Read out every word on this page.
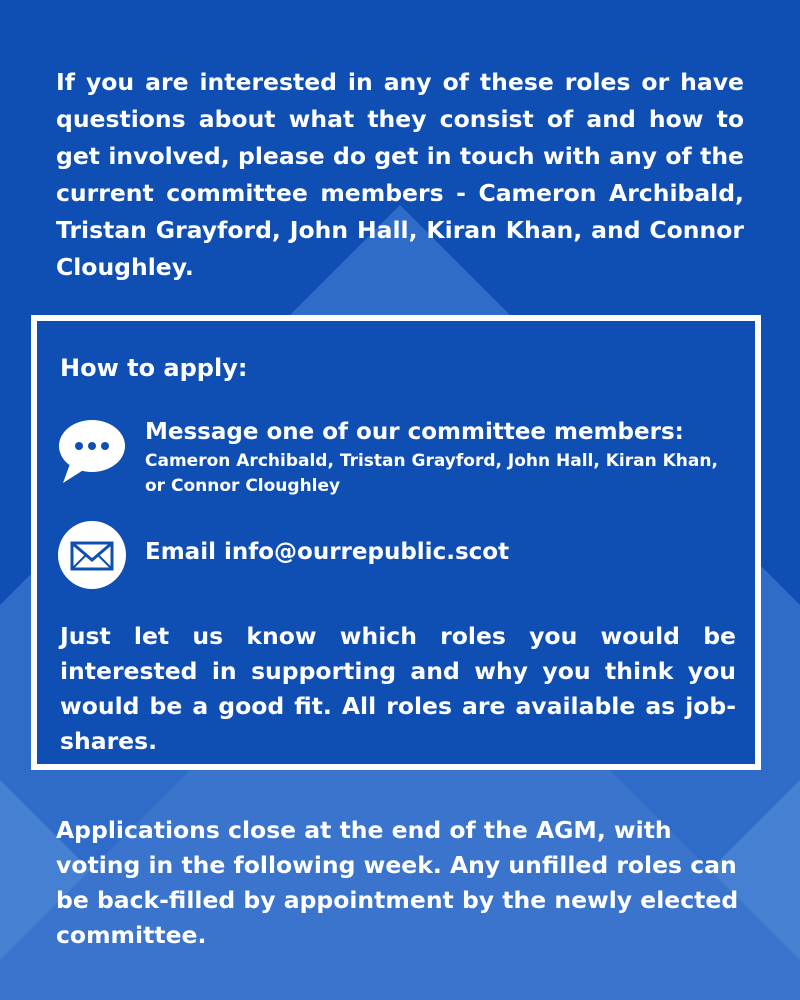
If you are interested in any of these roles or have questions about what they consist of and how to get involved, please do get in touch with any of the current committee members - Cameron Archibald, Tristan Grayford, John Hall, Kiran Khan, and Connor Cloughley.

How to apply:

Message one of our committee members:

Cameron Archibald, Tristan Grayford, John Hall, Kiran Khan, or Connor Cloughley

Email info@ourrepublic.scot

Just let us know which roles you would be interested in supporting and why you think you would be a good fit. All roles are available as job-shares.

Applications close at the end of the AGM, with voting in the following week. Any unfilled roles can be back-filled by appointment by the newly elected committee.
